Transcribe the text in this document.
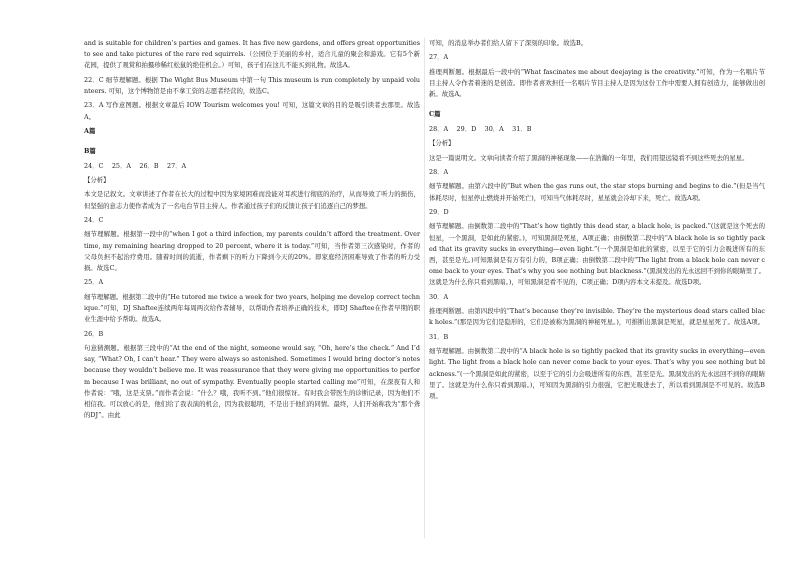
and is suitable for children’s parties and games. It has five new gardens, and offers great opportunities to see and take pictures of the rare red squirrels.（公园位于美丽的乡村，适合儿童的聚会和游戏。它有5个新花园，提供了观赏和拍摄珍稀红松鼠的绝佳机会。）可知，孩子们在这儿不能买到礼物。故选A。

22．C 细节理解题。根据 The Wight Bus Museum 中第一句 This museum is run completely by unpaid volunteers. 可知，这个博物馆是由不拿工资的志愿者经营的，故选C。

23．A 写作意图题。根据文章最后 IOW Tourism welcomes you! 可知，这篇文章的目的是吸引读者去那里。故选A。

A篇

B篇

24．C　 25．A　 26．B　 27．A

【分析】

本文是记叙文。文章讲述了作者在长大的过程中因为家境困难而没能对耳疾进行彻底的治疗，从而导致了听力的损伤，但坚强的意志力使作者成为了一名电台节目主持人。作者通过孩子们的反馈让孩子们追逐自己的梦想。

24．C

细节理解题。根据第一段中的“when I got a third infection, my parents couldn’t afford the treatment. Over time, my remaining hearing dropped to 20 percent, where it is today.”可知，当作者第三次感染时，作者的父母负担不起治疗费用。随着时间的流逝，作者剩下的听力下降到今天的20%。即家庭经济困难导致了作者的听力受损。故选C。

25．A

细节理解题。根据第二段中的“He tutored me twice a week for two years, helping me develop correct technique.”可知，DJ Shaftee连续两年每周两次给作者辅导，以帮助作者培养正确的技术，即DJ Shaftee在作者早期的职业生涯中给予帮助。故选A。

26．B

句意猜测题。根据第三段中的“At the end of the night, someone would say, “Oh, here’s the check.” And I’d say, “What? Oh, I can’t hear.” They were always so astonished. Sometimes I would bring doctor’s notes because they wouldn’t believe me. It was reassurance that they were giving me opportunities to perform because I was brilliant, no out of sympathy. Eventually people started calling me”可知，在深夜有人和作者说：“哦，这是支票。”而作者会说：“什么？哦，我听不到。”他们很惊讶。有时我会带医生的诊断记录，因为他们不相信我。可以放心的是，他们给了我表演的机会，因为我很聪明，不是出于他们的同情。最终，人们开始称我为“那个聋的DJ”。由此

可知，的消息举办者们给人留下了深刻的印象。故选B。

27．A

推理判断题。根据最后一段中的“What fascinates me about deejaying is the creativity.”可知，作为一名唱片节目主持人令作者着迷的是创造。即作者喜欢担任一名唱片节目主持人是因为这份工作中需要人拥有创造力，能够做出创新。故选A。

C篇

28．A　 29．D　 30．A　 31．B

【分析】

这是一篇说明文。文章向读者介绍了黑洞的神秘现象——在浩瀚的一年里，我们用望远镜看不到这些死去的星星。

28．A

细节理解题。由第六段中的“But when the gas runs out, the star stops burning and begins to die.”(但是当气体耗尽时，恒星停止燃烧并开始死亡)，可知当气体耗尽时，星星就会冷却下来，死亡。故选A项。

29．D

细节理解题。由倒数第二段中的“That’s how tightly this dead star, a black hole, is packed.”(这就是这个死去的恒星，一个黑洞，是如此的紧密。)，可知黑洞是死星，A项正确；由倒数第二段中的“A black hole is so tightly packed that its gravity sucks in everything—even light.”(一个黑洞是如此的紧密，以至于它的引力会吸进所有的东西，甚至是光。)可知黑洞是有万有引力的，B项正确；由倒数第二段中的“The light from a black hole can never come back to your eyes. That’s why you see nothing but blackness.”(黑洞发出的光永远回不到你的眼睛里了。这就是为什么你只看到黑暗。)，可知黑洞是看不见的，C项正确；D项内容本文未提及。故选D项。

30．A

推理判断题。由第四段中的“That’s because they’re invisible. They’re the mysterious dead stars called black holes.”(那是因为它们是隐形的，它们是被称为黑洞的神秘死星。)，可推断出黑洞是死星，就是星星死了。故选A项。

31．B

细节理解题。由倒数第二段中的“A black hole is so tightly packed that its gravity sucks in everything—even light. The light from a black hole can never come back to your eyes. That’s why you see nothing but blackness.”(一个黑洞是如此的紧密，以至于它的引力会吸进所有的东西，甚至是光。黑洞发出的光永远回不到你的眼睛里了。这就是为什么你只看到黑暗。)，可知因为黑洞的引力很强，它把光吸进去了，所以看到黑洞是不可见的。故选B项。
